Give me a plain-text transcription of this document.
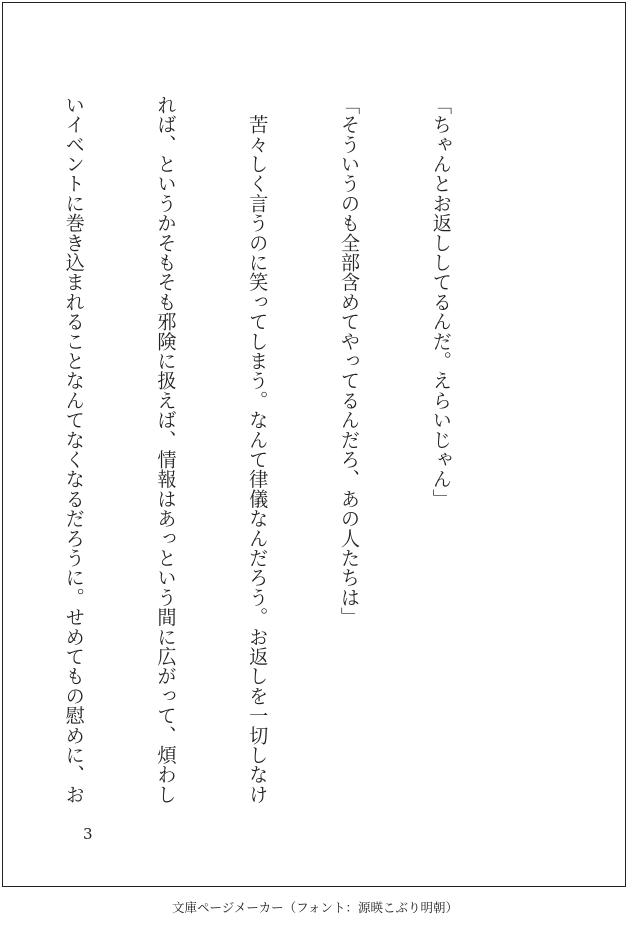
「ちゃんとお返ししてるんだ。えらいじゃん」

「そういうのも全部含めてやってるんだろ、あの人たちは」

　苦々しく言うのに笑ってしまう。なんて律儀なんだろう。お返しを一切しなけ

れば、というかそもそも邪険に扱えば、情報はあっという間に広がって、煩わし

いイベントに巻き込まれることなんてなくなるだろうに。せめてもの慰めに、お

3
文庫ページメーカー（フォント：源暎こぶり明朝）
